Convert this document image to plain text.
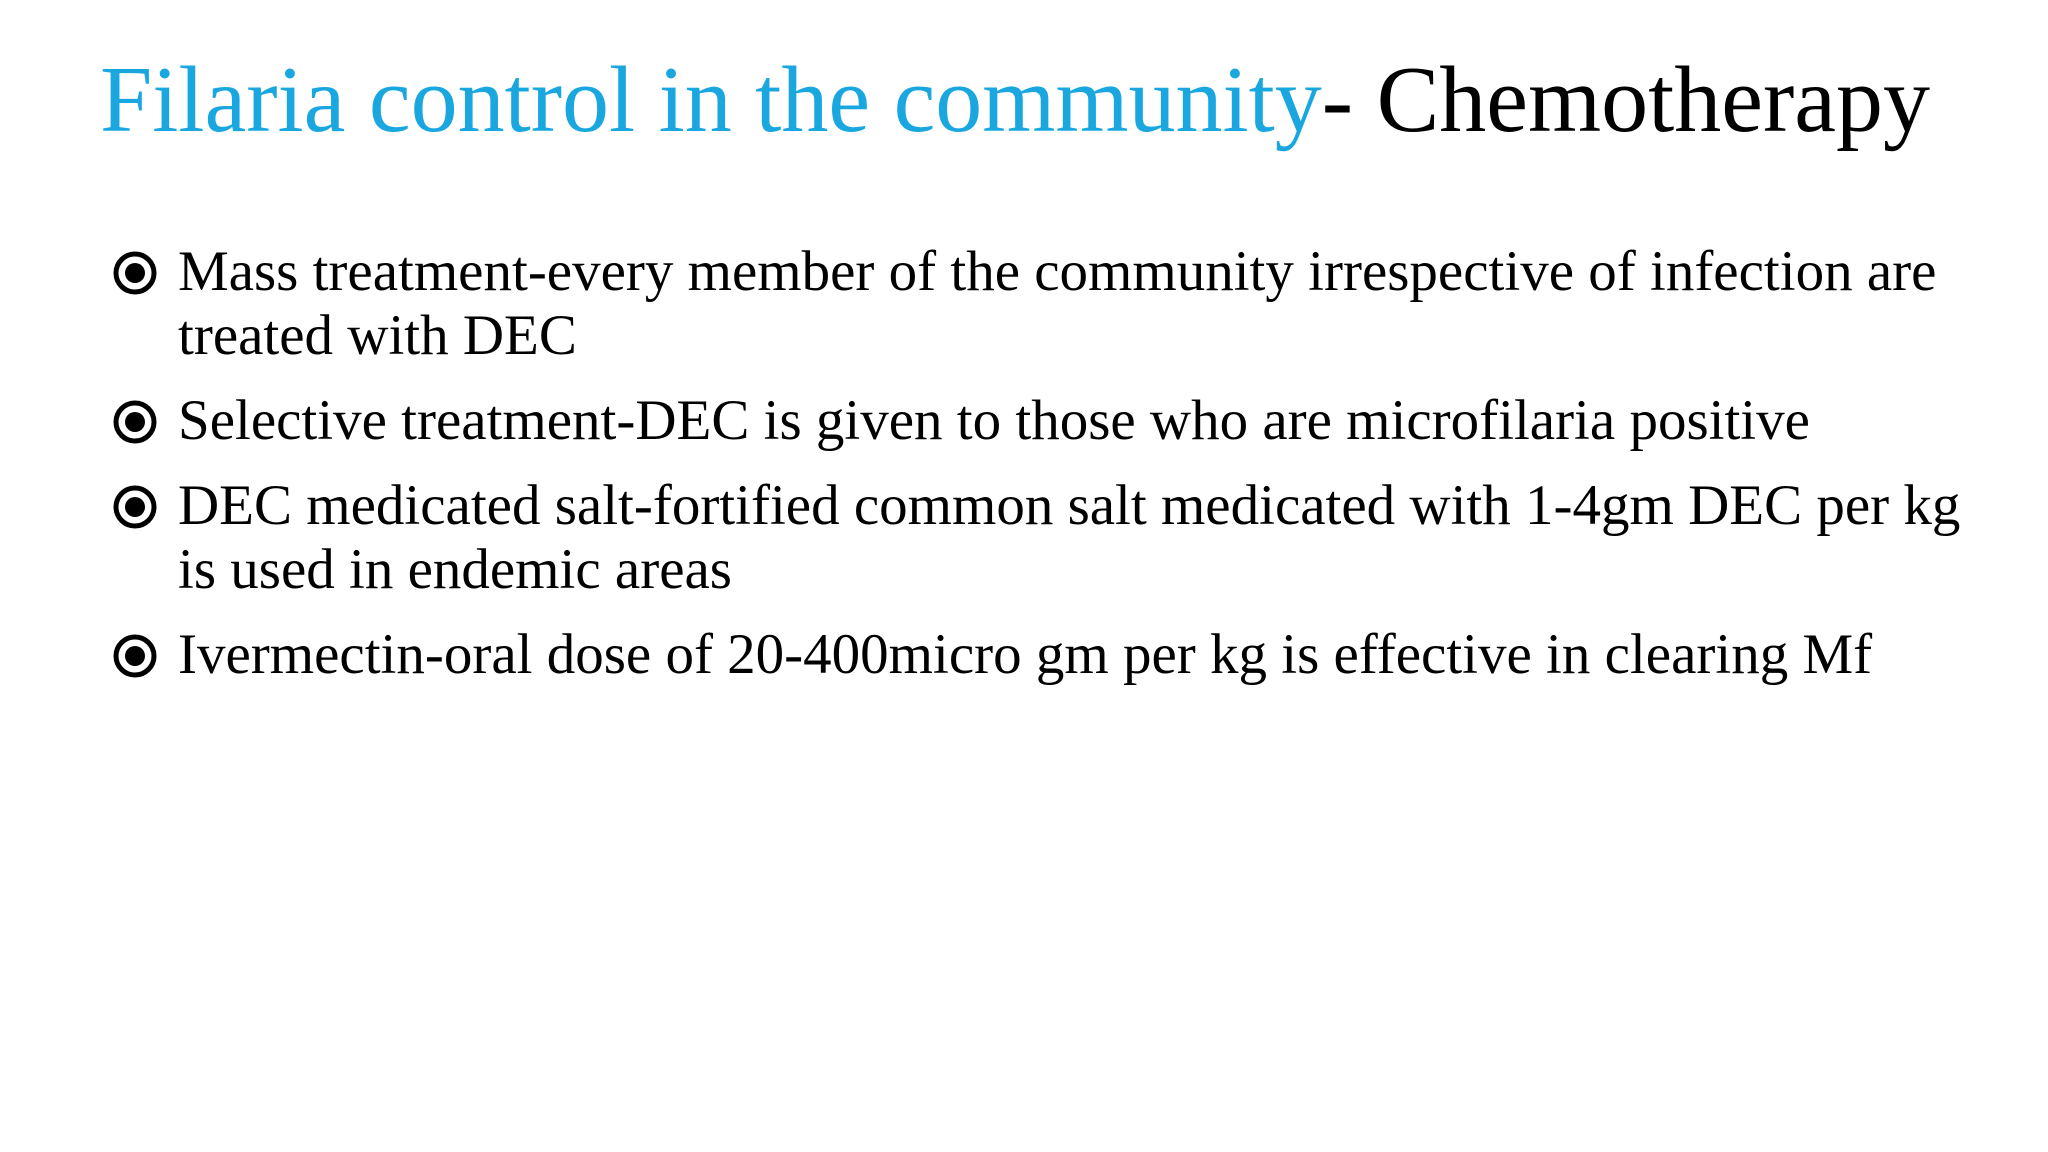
Filaria control in the community- Chemotherapy
Mass treatment-every member of the community irrespective of infection are treated with DEC
Selective treatment-DEC is given to those who are microfilaria positive
DEC medicated salt-fortified common salt medicated with 1-4gm DEC per kg is used in endemic areas
Ivermectin-oral dose of 20-400micro gm per kg is effective in clearing Mf
